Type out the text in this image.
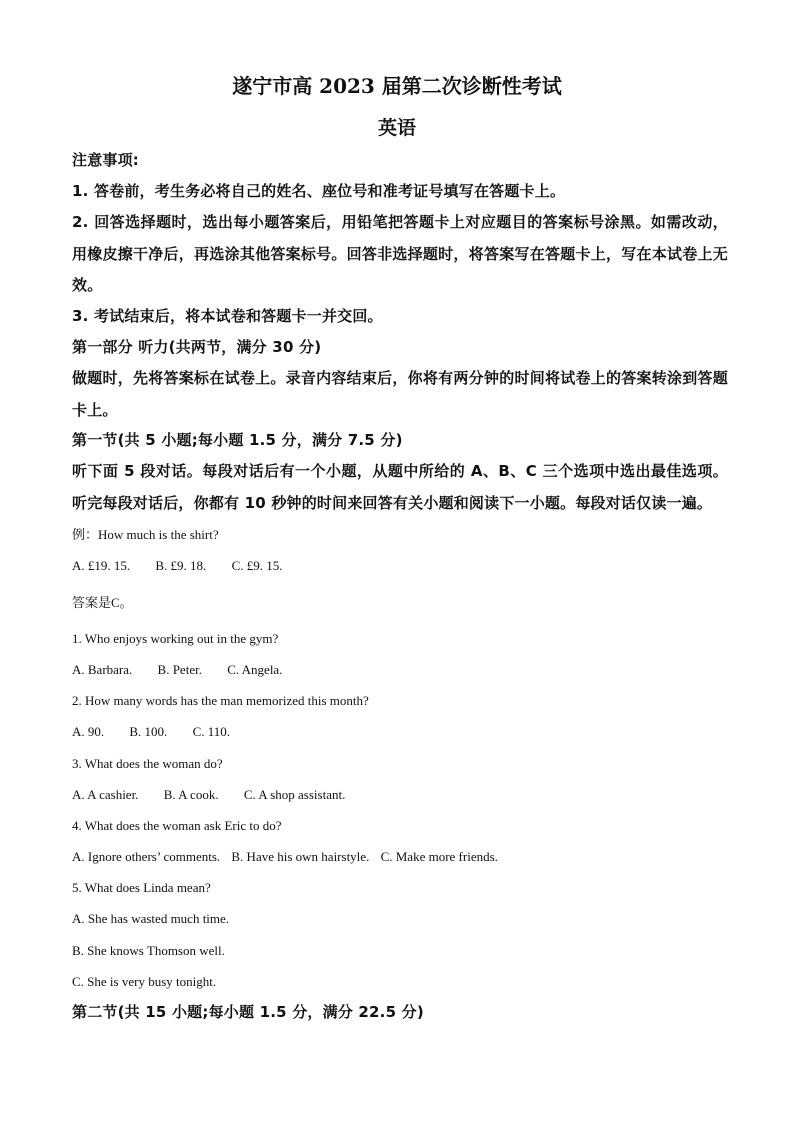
遂宁市高 2023 届第二次诊断性考试
英语
注意事项:
1. 答卷前，考生务必将自己的姓名、座位号和准考证号填写在答题卡上。
2. 回答选择题时，选出每小题答案后，用铅笔把答题卡上对应题目的答案标号涂黑。如需改动，用橡皮擦干净后，再选涂其他答案标号。回答非选择题时，将答案写在答题卡上，写在本试卷上无效。
3. 考试结束后，将本试卷和答题卡一并交回。
第一部分 听力(共两节，满分 30 分)
做题时，先将答案标在试卷上。录音内容结束后，你将有两分钟的时间将试卷上的答案转涂到答题卡上。
第一节(共 5 小题;每小题 1.5 分，满分 7.5 分)
听下面 5 段对话。每段对话后有一个小题，从题中所给的 A、B、C 三个选项中选出最佳选项。听完每段对话后，你都有 10 秒钟的时间来回答有关小题和阅读下一小题。每段对话仅读一遍。
例：How much is the shirt?
A. £19. 15. B. £9. 18. C. £9. 15.
答案是C。
1. Who enjoys working out in the gym?
A. Barbara. B. Peter. C. Angela.
2. How many words has the man memorized this month?
A. 90. B. 100. C. 110.
3. What does the woman do?
A. A cashier. B. A cook. C. A shop assistant.
4. What does the woman ask Eric to do?
A. Ignore others’ comments. B. Have his own hairstyle. C. Make more friends.
5. What does Linda mean?
A. She has wasted much time.
B. She knows Thomson well.
C. She is very busy tonight.
第二节(共 15 小题;每小题 1.5 分，满分 22.5 分)
